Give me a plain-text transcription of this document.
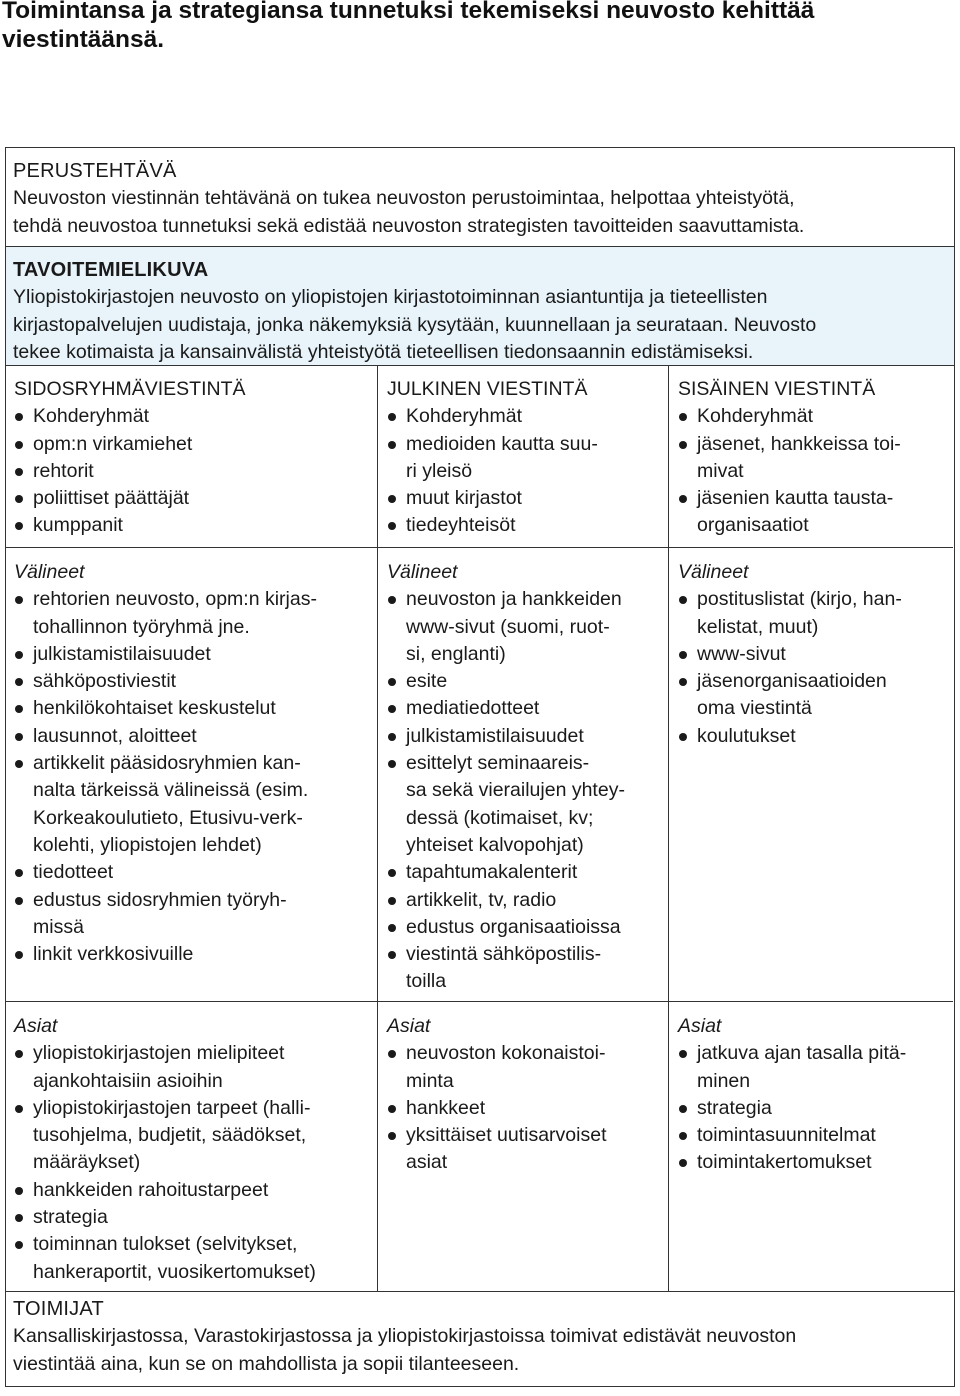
Toimintansa ja strategiansa tunnetuksi tekemiseksi neuvosto kehittää
viestintäänsä.
PERUSTEHTÄVÄ
Neuvoston viestinnän tehtävänä on tukea neuvoston perustoimintaa, helpottaa yhteistyötä,
tehdä neuvostoa tunnetuksi sekä edistää neuvoston strategisten tavoitteiden saavuttamista.
TAVOITEMIELIKUVA
Yliopistokirjastojen neuvosto on yliopistojen kirjastotoiminnan asiantuntija ja tieteellisten
kirjastopalvelujen uudistaja, jonka näkemyksiä kysytään, kuunnellaan ja seurataan. Neuvosto
tekee kotimaista ja kansainvälistä yhteistyötä tieteellisen tiedonsaannin edistämiseksi.
SIDOSRYHMÄVIESTINTÄ
Kohderyhmät
opm:n virkamiehet
rehtorit
poliittiset päättäjät
kumppanit
Välineet
rehtorien neuvosto, opm:n kirjas-
tohallinnon työryhmä jne.
julkistamistilaisuudet
sähköpostiviestit
henkilökohtaiset keskustelut
lausunnot, aloitteet
artikkelit pääsidosryhmien kan-
nalta tärkeissä välineissä (esim.
Korkeakoulutieto, Etusivu-verk-
kolehti, yliopistojen lehdet)
tiedotteet
edustus sidosryhmien työryh-
missä
linkit verkkosivuille
Asiat
yliopistokirjastojen mielipiteet
ajankohtaisiin asioihin
yliopistokirjastojen tarpeet (halli-
tusohjelma, budjetit, säädökset,
määräykset)
hankkeiden rahoitustarpeet
strategia
toiminnan tulokset (selvitykset,
hankeraportit, vuosikertomukset)
JULKINEN VIESTINTÄ
Kohderyhmät
medioiden kautta suu-
ri yleisö
muut kirjastot
tiedeyhteisöt
Välineet
neuvoston ja hankkeiden
www-sivut (suomi, ruot-
si, englanti)
esite
mediatiedotteet
julkistamistilaisuudet
esittelyt seminaareis-
sa sekä vierailujen yhtey-
dessä (kotimaiset, kv;
yhteiset kalvopohjat)
tapahtumakalenterit
artikkelit, tv, radio
edustus organisaatioissa
viestintä sähköpostilis-
toilla
Asiat
neuvoston kokonaistoi-
minta
hankkeet
yksittäiset uutisarvoiset
asiat
SISÄINEN VIESTINTÄ
Kohderyhmät
jäsenet, hankkeissa toi-
mivat
jäsenien kautta tausta-
organisaatiot
Välineet
postituslistat (kirjo, han-
kelistat, muut)
www-sivut
jäsenorganisaatioiden
oma viestintä
koulutukset
Asiat
jatkuva ajan tasalla pitä-
minen
strategia
toimintasuunnitelmat
toimintakertomukset
TOIMIJAT
Kansalliskirjastossa, Varastokirjastossa ja yliopistokirjastoissa toimivat edistävät neuvoston
viestintää aina, kun se on mahdollista ja sopii tilanteeseen.
